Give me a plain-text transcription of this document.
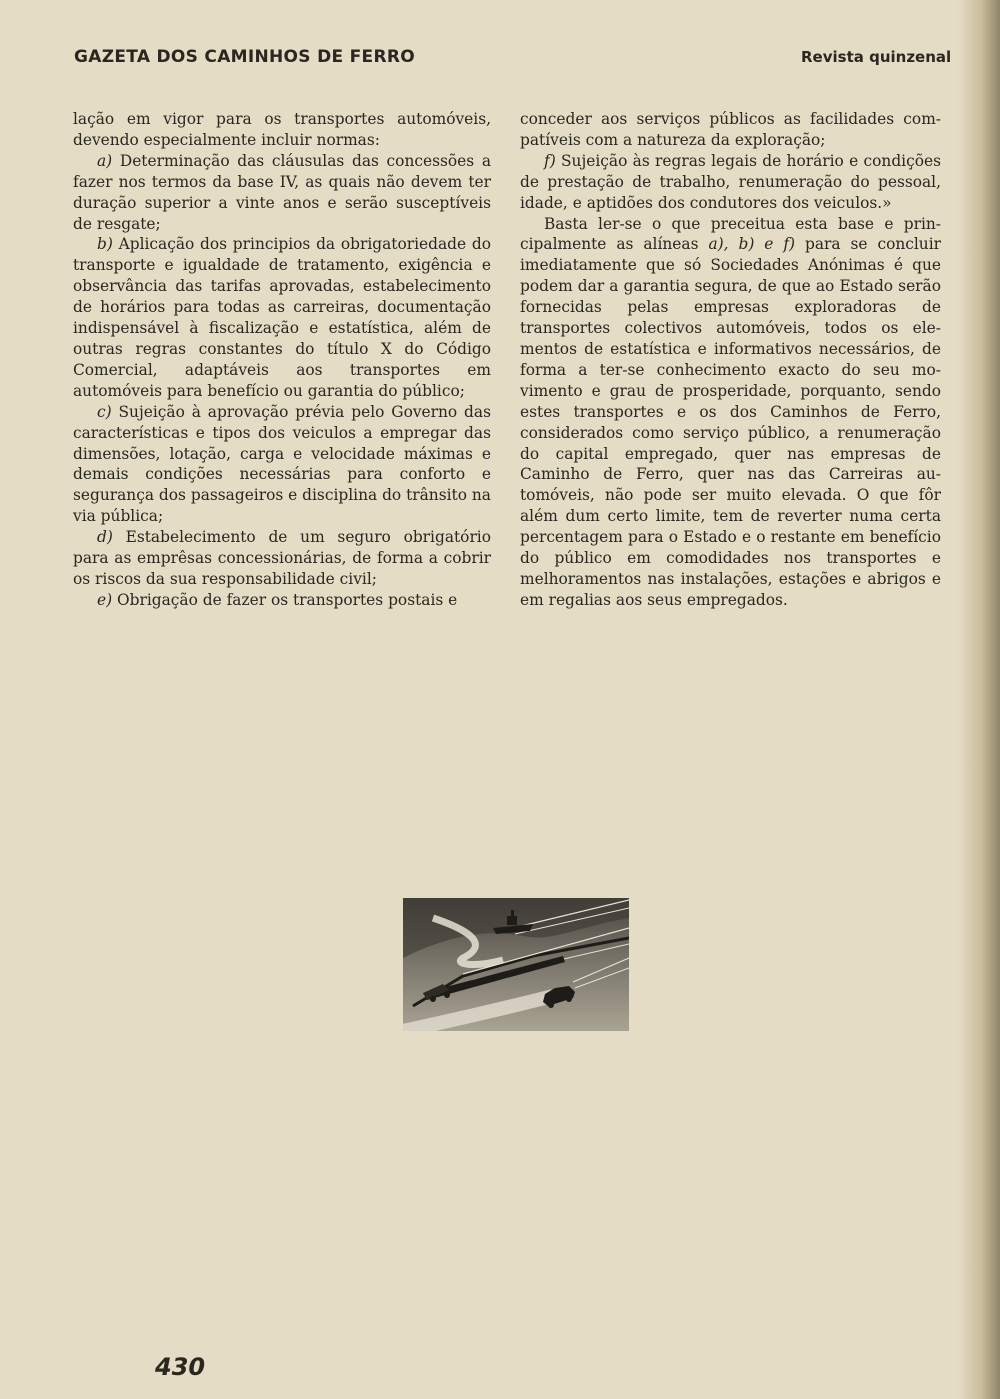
GAZETA DOS CAMINHOS DE FERRO	Revista quinzenal

lação em vigor para os transportes automóveis, devendo especialmente incluir normas:

a) Determinação das cláusulas das concessões a fazer nos termos da base IV, as quais não devem ter duração superior a vinte anos e serão susceptíveis de resgate;

b) Aplicação dos principios da obrigatoriedade do transporte e igualdade de tratamento, exigência e observância das tarifas aprovadas, estabelecimento de horários para todas as carreiras, documentação indispensável à fiscalização e estatística, além de outras regras constantes do título X do Código Comercial, adaptáveis aos transportes em automóveis para benefício ou garantia do público;

c) Sujeição à aprovação prévia pelo Governo das características e tipos dos veiculos a empregar das dimensões, lotação, carga e velocidade máximas e demais condições necessárias para conforto e segurança dos passageiros e disciplina do trânsito na via pública;

d) Estabelecimento de um seguro obrigatório para as emprêsas concessionárias, de forma a cobrir os riscos da sua responsabilidade civil;

e) Obrigação de fazer os transportes postais e

conceder aos serviços públicos as facilidades compatíveis com a natureza da exploração;

f) Sujeição às regras legais de horário e condições de prestação de trabalho, renumeração do pessoal, idade, e aptidões dos condutores dos veiculos.»

Basta ler-se o que preceitua esta base e principalmente as alíneas a), b) e f) para se concluir imediatamente que só Sociedades Anónimas é que podem dar a garantia segura, de que ao Estado serão fornecidas pelas empresas exploradoras de transportes colectivos automóveis, todos os elementos de estatística e informativos necessários, de forma a ter-se conhecimento exacto do seu movimento e grau de prosperidade, porquanto, sendo estes transportes e os dos Caminhos de Ferro, considerados como serviço público, a renumeração do capital empregado, quer nas empresas de Caminho de Ferro, quer nas das Carreiras automóveis, não pode ser muito elevada. O que fôr além dum certo limite, tem de reverter numa certa percentagem para o Estado e o restante em benefício do público em comodidades nos transportes e melhoramentos nas instalações, estações e abrigos e em regalias aos seus empregados.

430
